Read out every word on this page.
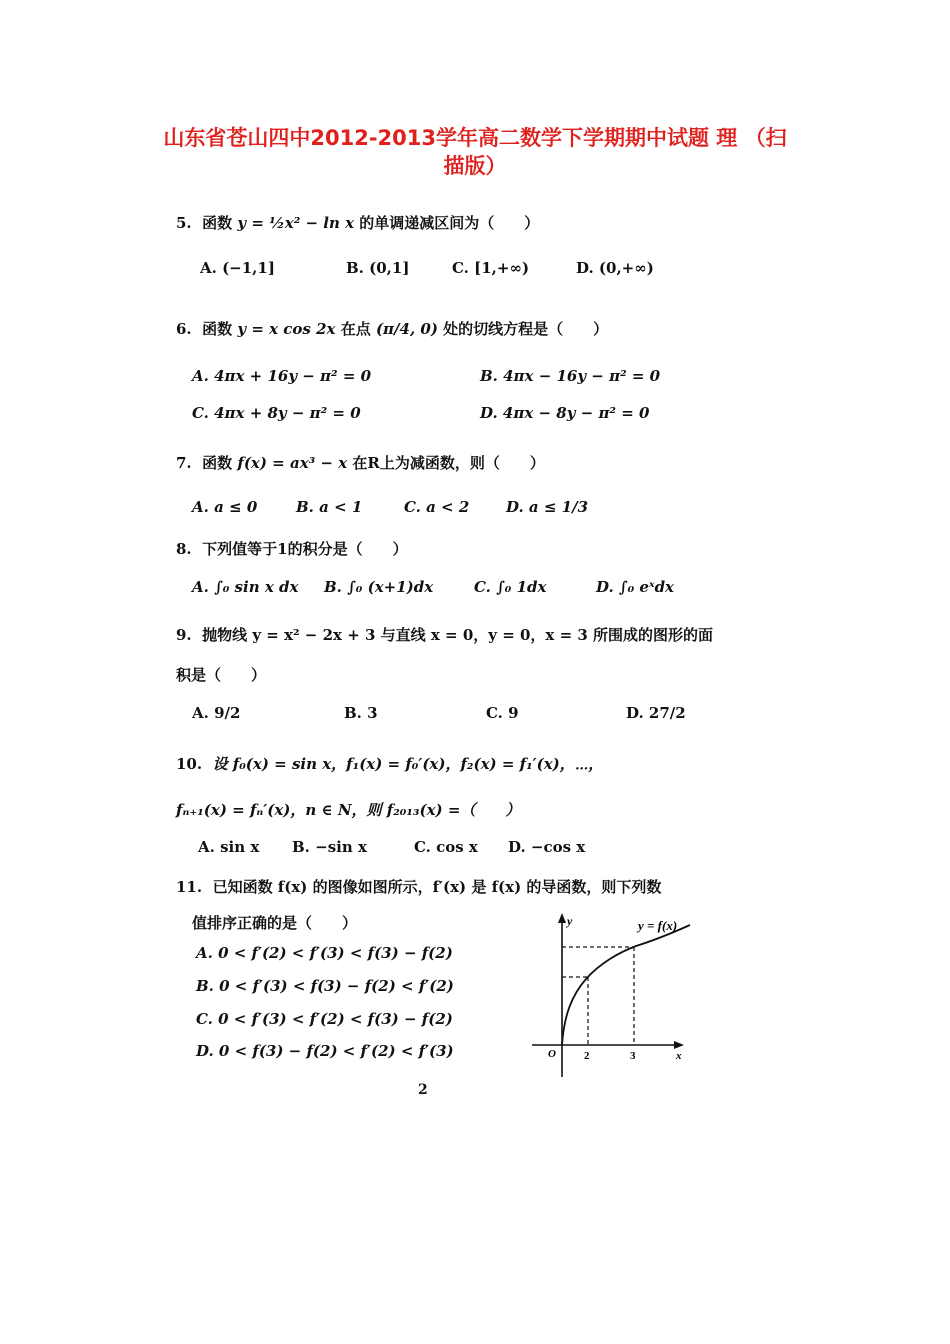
山东省苍山四中2012-2013学年高二数学下学期期中试题 理 （扫
描版）
5. 函数 y = ½x² − ln x 的单调递减区间为（　　）
A. (−1,1]	B. (0,1]	C. [1,+∞)	D. (0,+∞)
6. 函数 y = x cos 2x 在点 (π/4, 0) 处的切线方程是（　　）
A. 4πx + 16y − π² = 0	B. 4πx − 16y − π² = 0
C. 4πx + 8y − π² = 0	D. 4πx − 8y − π² = 0
7. 函数 f(x) = ax³ − x 在R上为减函数，则（　　）
A. a ≤ 0	B. a < 1	C. a < 2 D. a ≤ 1/3
8. 下列值等于1的积分是（　　）
A. ∫₀ sin x dx B. ∫₀ (x+1)dx	C. ∫₀ 1dx	D. ∫₀ eˣdx
9. 抛物线 y = x² − 2x + 3 与直线 x = 0，y = 0，x = 3 所围成的图形的面
积是（　　）
A. 9/2	B. 3	C. 9	D. 27/2
10. 设 f₀(x) = sin x，f₁(x) = f₀′(x)，f₂(x) = f₁′(x)，⋯，
fₙ₊₁(x) = fₙ′(x)，n ∈ N，则 f₂₀₁₃(x) =（　　）
A. sin x B. −sin x	C. cos x D. −cos x
11. 已知函数 f(x) 的图像如图所示，f′(x) 是 f(x) 的导函数，则下列数
值排序正确的是（　　）
A. 0 < f′(2) < f′(3) < f(3) − f(2)
B. 0 < f′(3) < f(3) − f(2) < f′(2)
C. 0 < f′(3) < f′(2) < f(3) − f(2)
D. 0 < f(3) − f(2) < f′(2) < f′(3)
y	y = f(x)
O	2	3	x
2
